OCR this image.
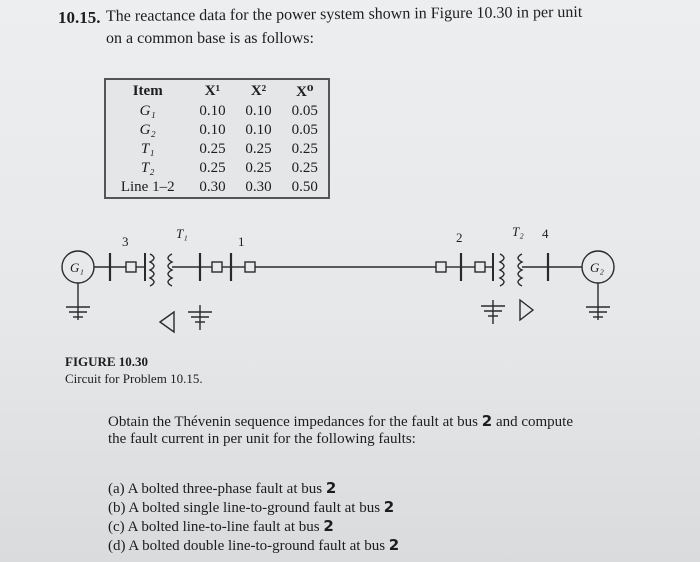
10.15. The reactance data for the power system shown in Figure 10.30 in per unit
on a common base is as follows:
Item	X¹	X²	X⁰
G₁	0.10	0.10	0.05
G₂	0.10	0.10	0.05
T₁	0.25	0.25	0.25
T₂	0.25	0.25	0.25
Line 1–2	0.30	0.30	0.50
3	1	2	4
T₁	T₂
G₁	G₂
FIGURE 10.30
Circuit for Problem 10.15.
Obtain the Thévenin sequence impedances for the fault at bus 2 and compute
the fault current in per unit for the following faults:
(a) A bolted three-phase fault at bus 2
(b) A bolted single line-to-ground fault at bus 2
(c) A bolted line-to-line fault at bus 2
(d) A bolted double line-to-ground fault at bus 2
